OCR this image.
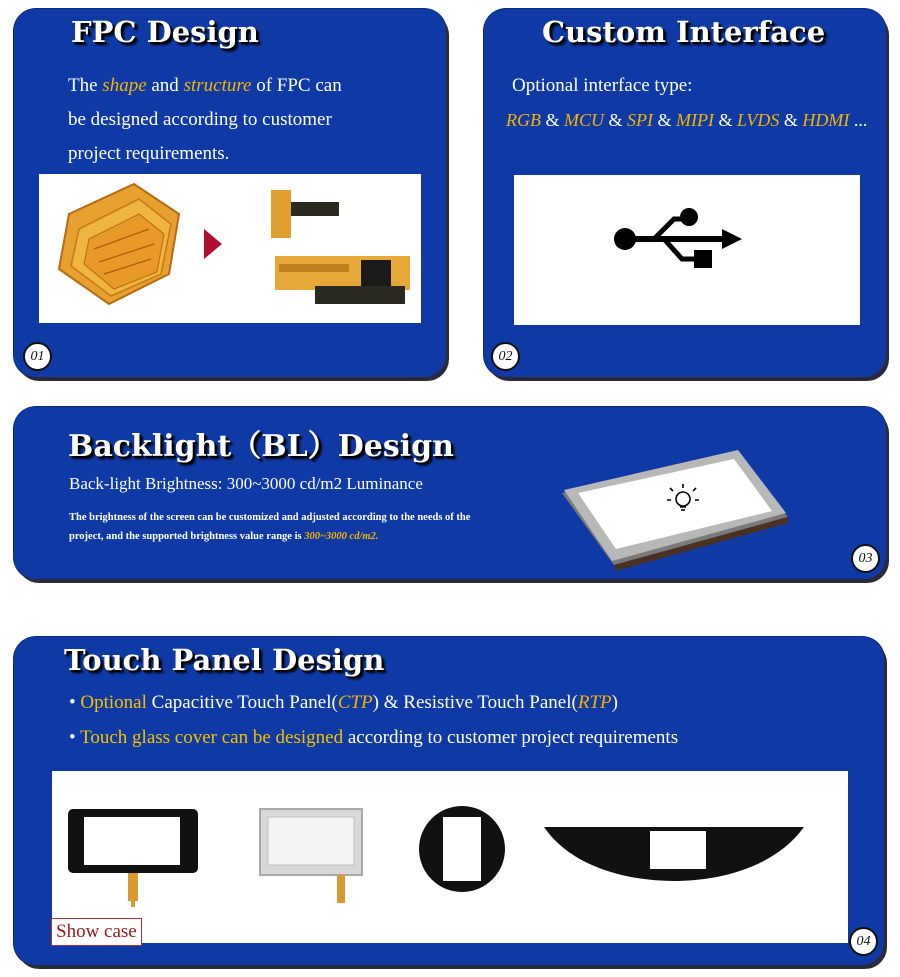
FPC Design
The shape and structure of FPC can
be designed according to customer
project requirements.
01
Custom Interface
Optional interface type:
RGB & MCU & SPI & MIPI & LVDS & HDMI ...
02
Backlight（BL）Design
Back-light Brightness: 300~3000 cd/m2 Luminance
The brightness of the screen can be customized and adjusted according to the needs of the
project, and the supported brightness value range is 300~3000 cd/m2.
03
Touch Panel Design
• Optional Capacitive Touch Panel(CTP) & Resistive Touch Panel(RTP)
• Touch glass cover can be designed according to customer project requirements
04
Show case
